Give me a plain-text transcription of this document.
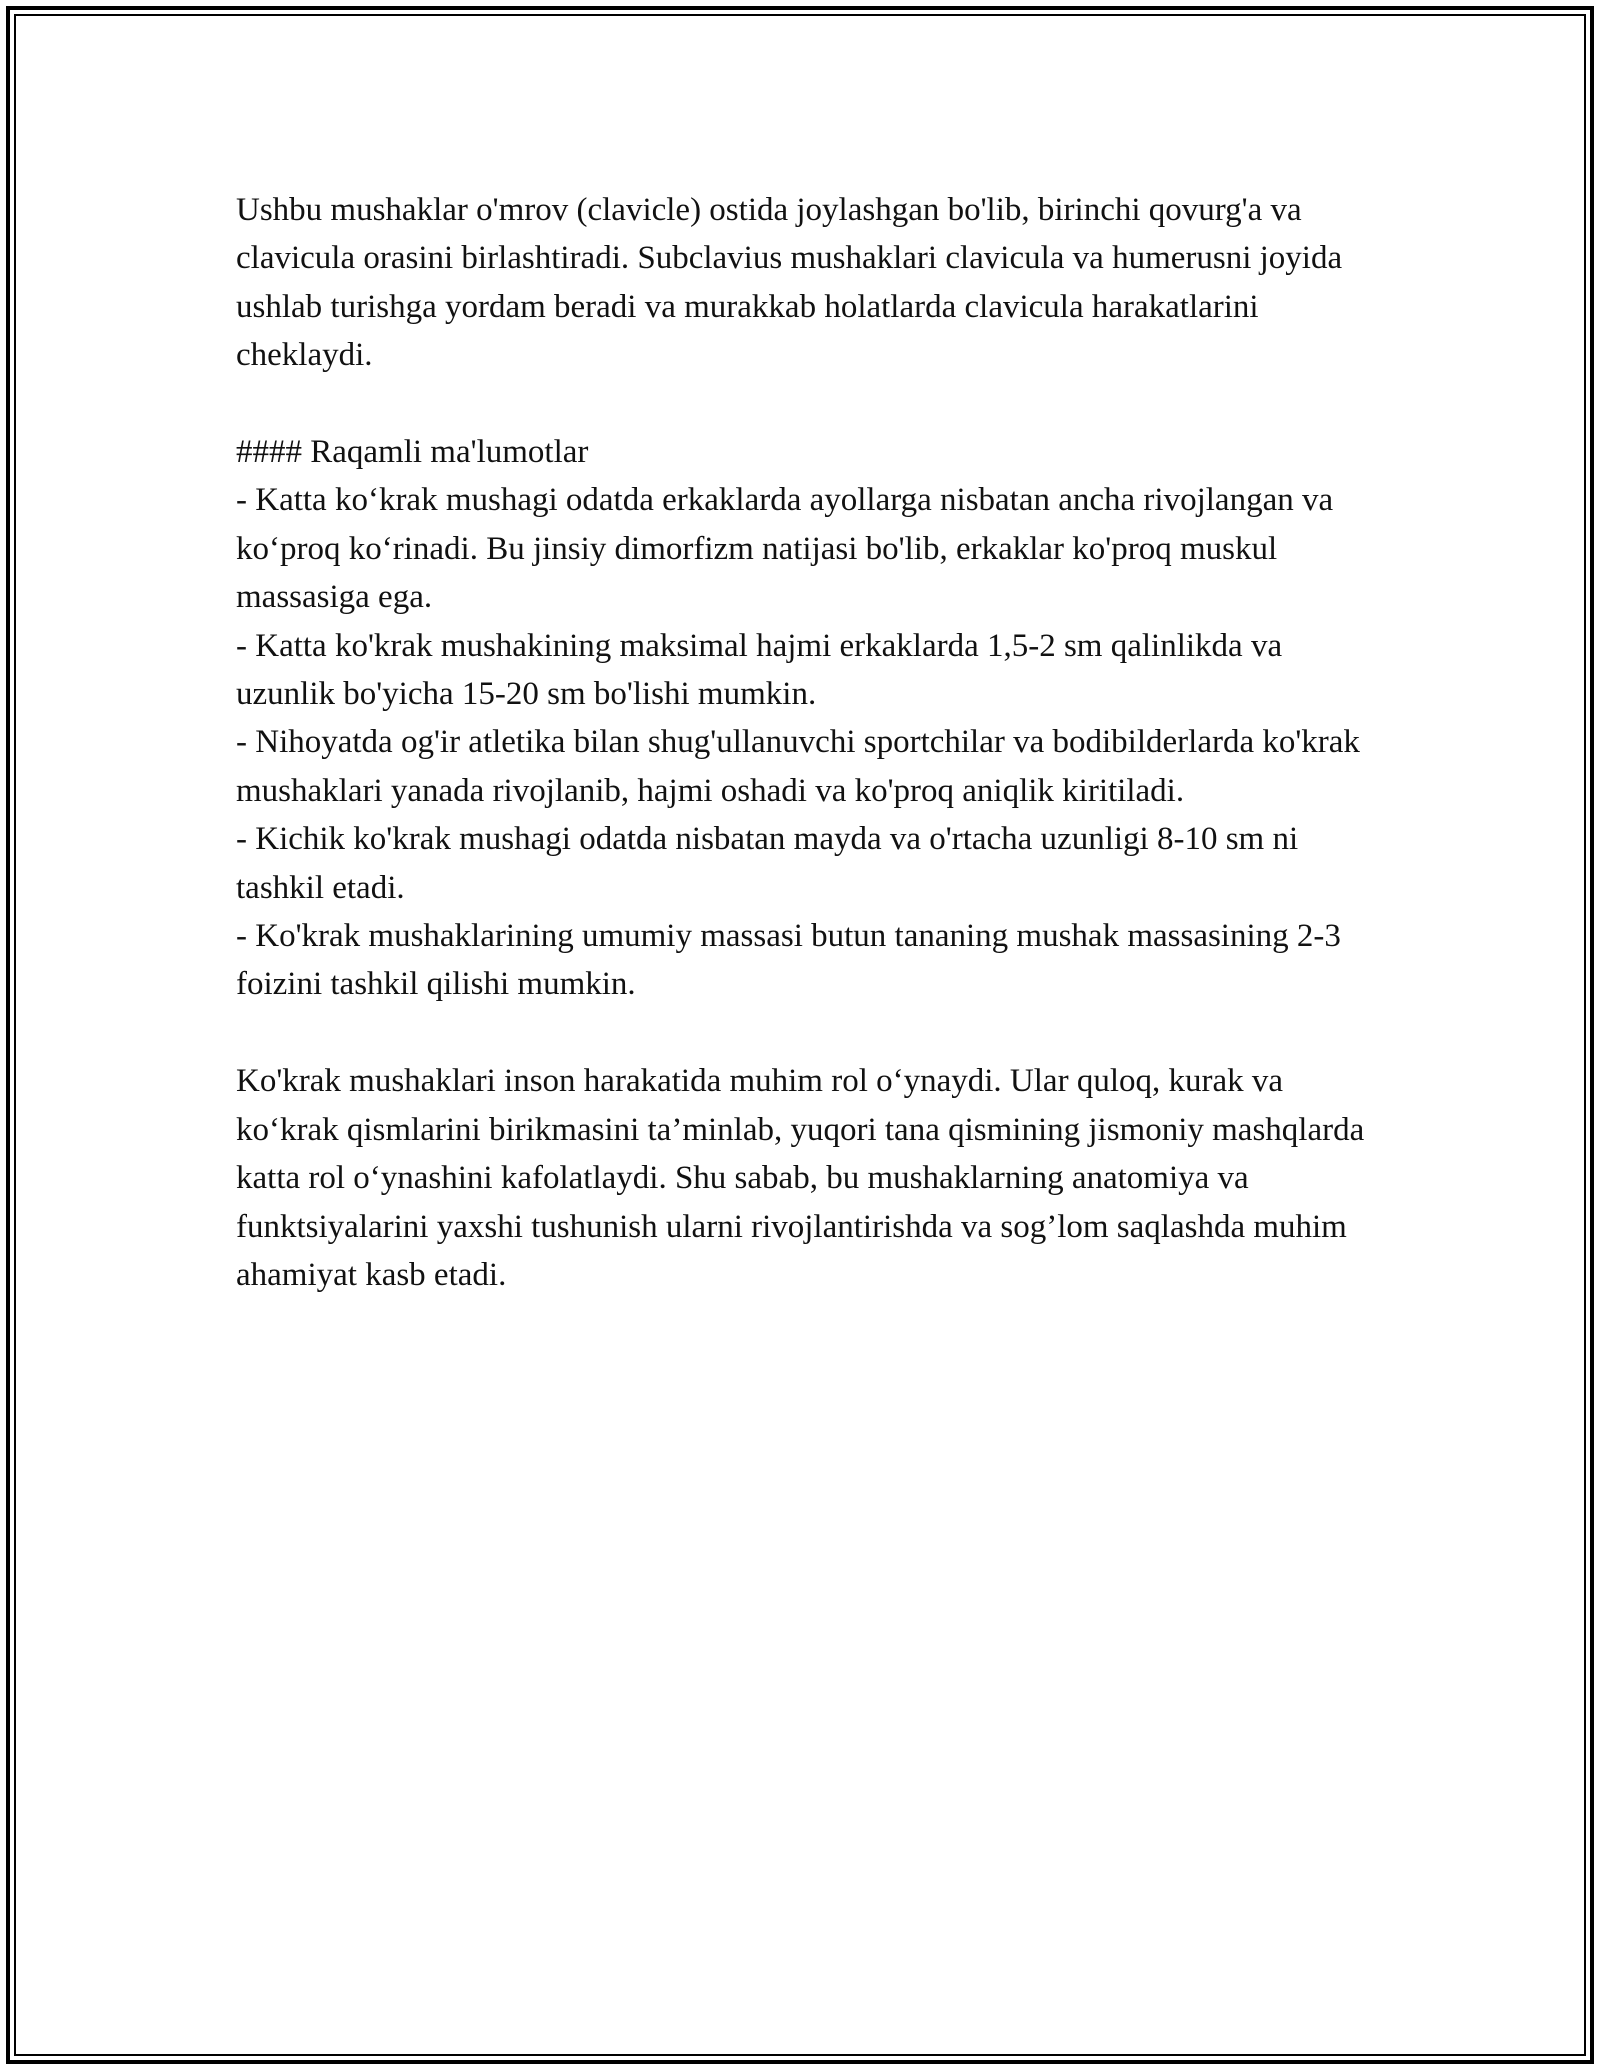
Ushbu mushaklar o'mrov (clavicle) ostida joylashgan bo'lib, birinchi qovurg'a va clavicula orasini birlashtiradi. Subclavius mushaklari clavicula va humerusni joyida ushlab turishga yordam beradi va murakkab holatlarda clavicula harakatlarini cheklaydi.

#### Raqamli ma'lumotlar

- Katta ko‘krak mushagi odatda erkaklarda ayollarga nisbatan ancha rivojlangan va ko‘proq ko‘rinadi. Bu jinsiy dimorfizm natijasi bo'lib, erkaklar ko'proq muskul massasiga ega.

- Katta ko'krak mushakining maksimal hajmi erkaklarda 1,5-2 sm qalinlikda va uzunlik bo'yicha 15-20 sm bo'lishi mumkin.

- Nihoyatda og'ir atletika bilan shug'ullanuvchi sportchilar va bodibilderlarda ko'krak mushaklari yanada rivojlanib, hajmi oshadi va ko'proq aniqlik kiritiladi.

- Kichik ko'krak mushagi odatda nisbatan mayda va o'rtacha uzunligi 8-10 sm ni tashkil etadi.

- Ko'krak mushaklarining umumiy massasi butun tananing mushak massasining 2-3 foizini tashkil qilishi mumkin.

Ko'krak mushaklari inson harakatida muhim rol o‘ynaydi. Ular quloq, kurak va ko‘krak qismlarini birikmasini ta’minlab, yuqori tana qismining jismoniy mashqlarda katta rol o‘ynashini kafolatlaydi. Shu sabab, bu mushaklarning anatomiya va funktsiyalarini yaxshi tushunish ularni rivojlantirishda va sog’lom saqlashda muhim ahamiyat kasb etadi.
